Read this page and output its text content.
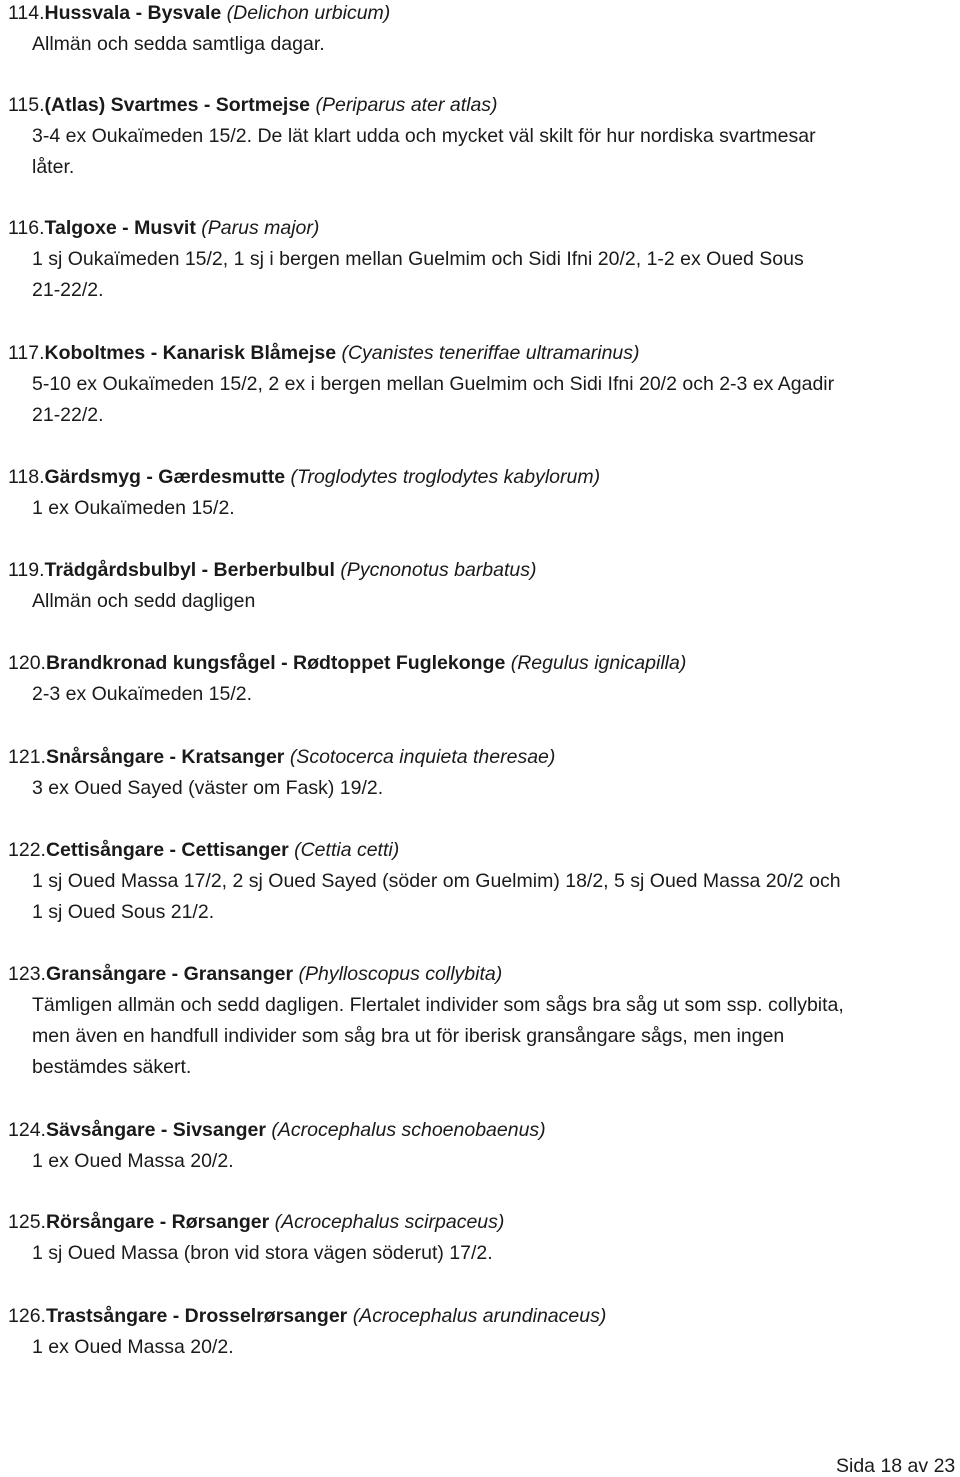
114.Hussvala - Bysvale (Delichon urbicum)
Allmän och sedda samtliga dagar.
115.(Atlas) Svartmes - Sortmejse (Periparus ater atlas)
3-4 ex Oukaïmeden 15/2. De lät klart udda och mycket väl skilt för hur nordiska svartmesar
låter.
116.Talgoxe - Musvit (Parus major)
1 sj Oukaïmeden 15/2, 1 sj i bergen mellan Guelmim och Sidi Ifni 20/2, 1-2 ex Oued Sous
21-22/2.
117.Koboltmes - Kanarisk Blåmejse (Cyanistes teneriffae ultramarinus)
5-10 ex Oukaïmeden 15/2, 2 ex i bergen mellan Guelmim och Sidi Ifni 20/2 och 2-3 ex Agadir
21-22/2.
118.Gärdsmyg - Gærdesmutte (Troglodytes troglodytes kabylorum)
1 ex Oukaïmeden 15/2.
119.Trädgårdsbulbyl - Berberbulbul (Pycnonotus barbatus)
Allmän och sedd dagligen
120.Brandkronad kungsfågel - Rødtoppet Fuglekonge (Regulus ignicapilla)
2-3 ex Oukaïmeden 15/2.
121.Snårsångare - Kratsanger (Scotocerca inquieta theresae)
3 ex Oued Sayed (väster om Fask) 19/2.
122.Cettisångare - Cettisanger (Cettia cetti)
1 sj Oued Massa 17/2, 2 sj Oued Sayed (söder om Guelmim) 18/2, 5 sj Oued Massa 20/2 och
1 sj Oued Sous 21/2.
123.Gransångare - Gransanger (Phylloscopus collybita)
Tämligen allmän och sedd dagligen. Flertalet individer som sågs bra såg ut som ssp. collybita,
men även en handfull individer som såg bra ut för iberisk gransångare sågs, men ingen
bestämdes säkert.
124.Sävsångare - Sivsanger (Acrocephalus schoenobaenus)
1 ex Oued Massa 20/2.
125.Rörsångare - Rørsanger (Acrocephalus scirpaceus)
1 sj Oued Massa (bron vid stora vägen söderut) 17/2.
126.Trastsångare - Drosselrørsanger (Acrocephalus arundinaceus)
1 ex Oued Massa 20/2.
Sida 18 av 23
